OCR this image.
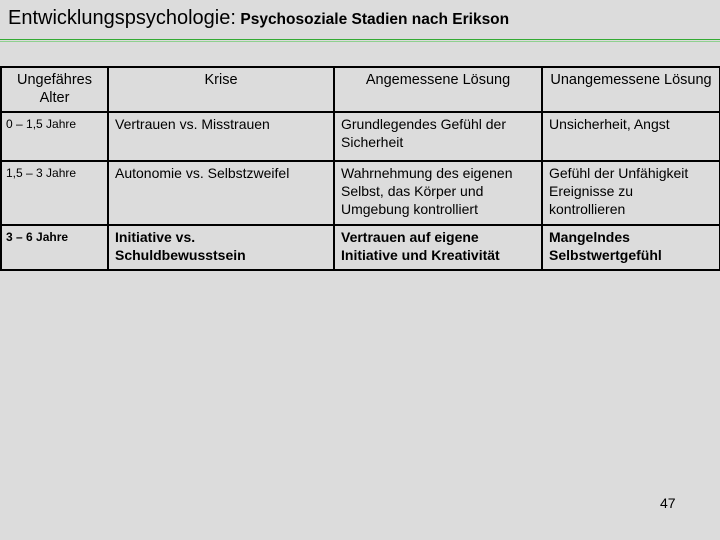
Entwicklungspsychologie: Psychosoziale Stadien nach Erikson
Ungefähres Alter	Krise	Angemessene Lösung	Unangemessene Lösung
0 – 1,5 Jahre	Vertrauen vs. Misstrauen	Grundlegendes Gefühl der Sicherheit	Unsicherheit, Angst
1,5 – 3 Jahre	Autonomie vs. Selbstzweifel	Wahrnehmung des eigenen Selbst, das Körper und Umgebung kontrolliert	Gefühl der Unfähigkeit Ereignisse zu kontrollieren
3 – 6 Jahre	Initiative vs. Schuldbewusstsein	Vertrauen auf eigene Initiative und Kreativität	Mangelndes Selbstwertgefühl
47
